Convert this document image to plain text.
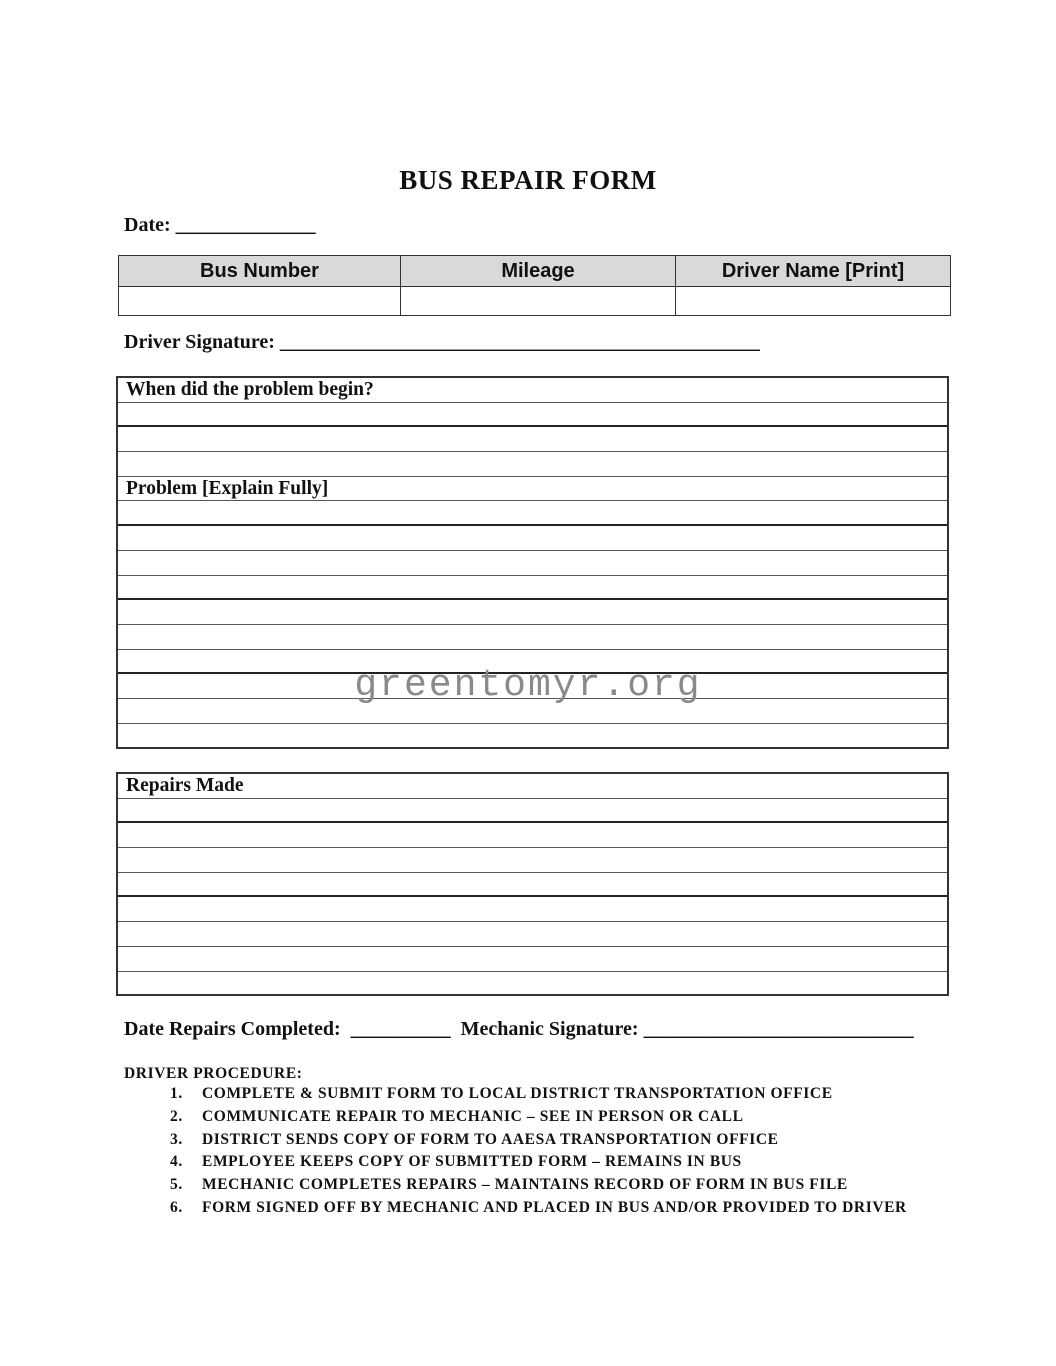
BUS REPAIR FORM
Date: ______________
Bus Number	Mileage	Driver Name [Print]

Driver Signature: ________________________________________________
When did the problem begin?
Problem [Explain Fully]
greentomyr.org
Repairs Made
Date Repairs Completed:  __________  Mechanic Signature: ___________________________
DRIVER PROCEDURE:
1.	COMPLETE & SUBMIT FORM TO LOCAL DISTRICT TRANSPORTATION OFFICE
2.	COMMUNICATE REPAIR TO MECHANIC – SEE IN PERSON OR CALL
3.	DISTRICT SENDS COPY OF FORM TO AAESA TRANSPORTATION OFFICE
4.	EMPLOYEE KEEPS COPY OF SUBMITTED FORM – REMAINS IN BUS
5.	MECHANIC COMPLETES REPAIRS – MAINTAINS RECORD OF FORM IN BUS FILE
6.	FORM SIGNED OFF BY MECHANIC AND PLACED IN BUS AND/OR PROVIDED TO DRIVER
